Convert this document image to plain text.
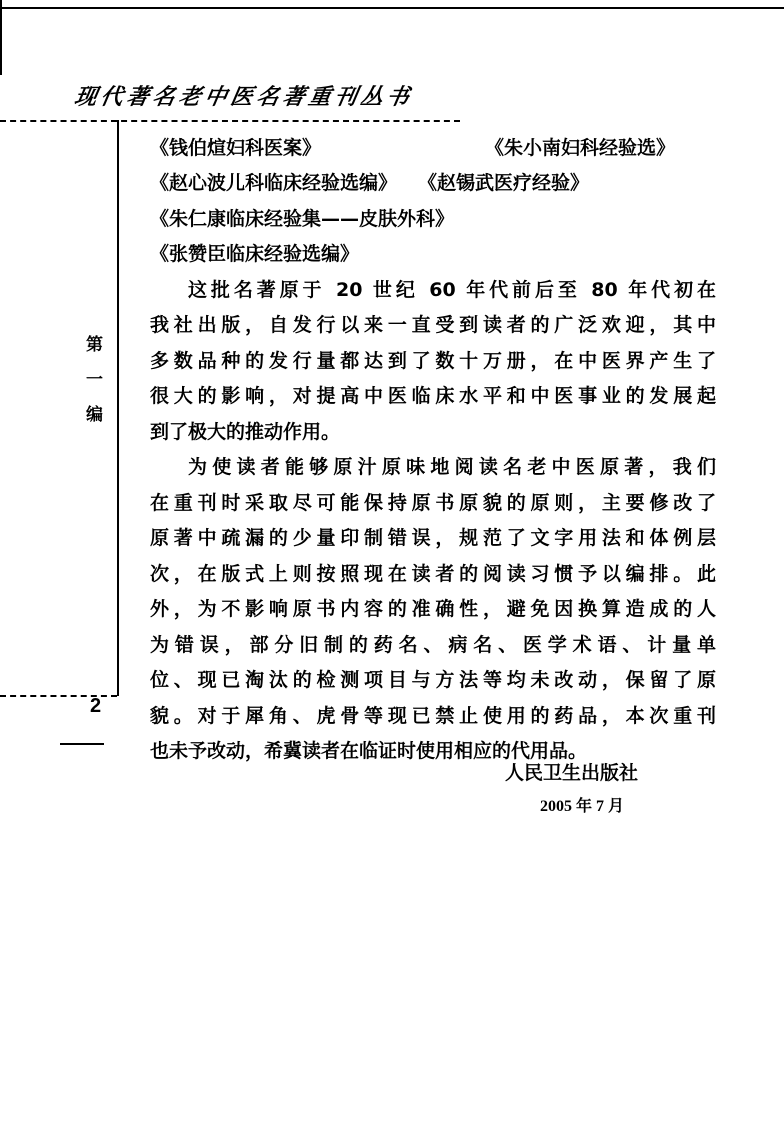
现代著名老中医名著重刊丛书
第
一
编
2
《钱伯煊妇科医案》	《朱小南妇科经验选》
《赵心波儿科临床经验选编》 《赵锡武医疗经验》
《朱仁康临床经验集——皮肤外科》
《张赞臣临床经验选编》
这批名著原于 20 世纪 60 年代前后至 80 年代初在
我社出版，自发行以来一直受到读者的广泛欢迎，其中
多数品种的发行量都达到了数十万册，在中医界产生了
很大的影响，对提高中医临床水平和中医事业的发展起
到了极大的推动作用。
为使读者能够原汁原味地阅读名老中医原著，我们
在重刊时采取尽可能保持原书原貌的原则，主要修改了
原著中疏漏的少量印制错误，规范了文字用法和体例层
次，在版式上则按照现在读者的阅读习惯予以编排。此
外，为不影响原书内容的准确性，避免因换算造成的人
为错误，部分旧制的药名、病名、医学术语、计量单
位、现已淘汰的检测项目与方法等均未改动，保留了原
貌。对于犀角、虎骨等现已禁止使用的药品，本次重刊
也未予改动，希冀读者在临证时使用相应的代用品。
人民卫生出版社
2005 年 7 月
